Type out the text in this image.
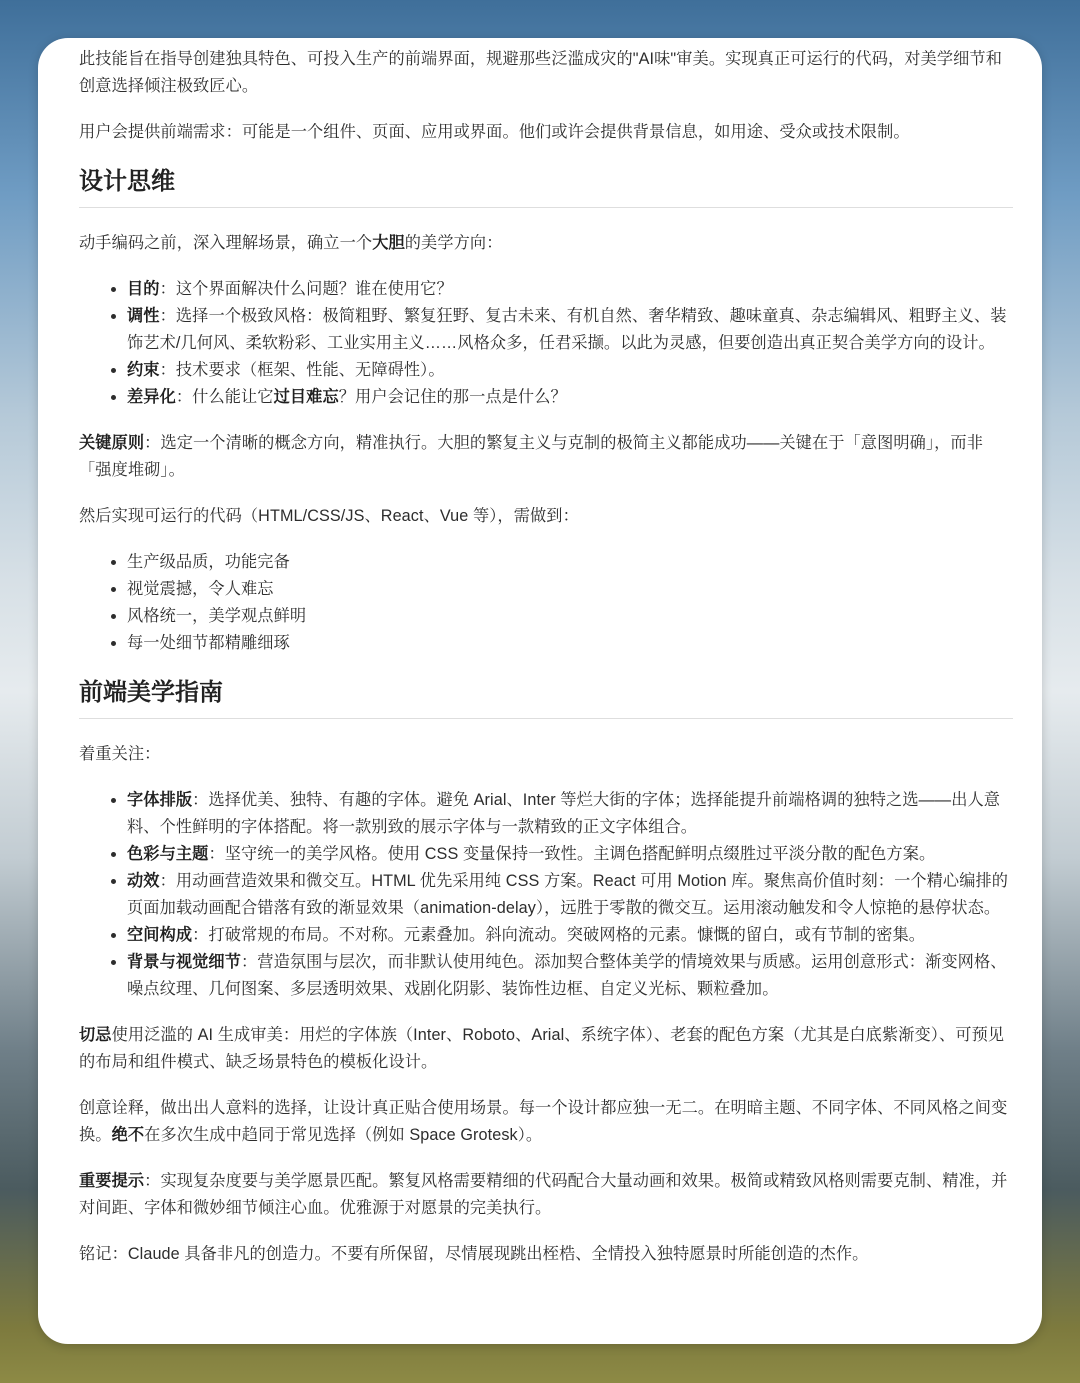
此技能旨在指导创建独具特色、可投入生产的前端界面，规避那些泛滥成灾的"AI味"审美。实现真正可运行的代码，对美学细节和创意选择倾注极致匠心。

用户会提供前端需求：可能是一个组件、页面、应用或界面。他们或许会提供背景信息，如用途、受众或技术限制。

设计思维

动手编码之前，深入理解场景，确立一个大胆的美学方向：

• 目的：这个界面解决什么问题？谁在使用它？
• 调性：选择一个极致风格：极简粗野、繁复狂野、复古未来、有机自然、奢华精致、趣味童真、杂志编辑风、粗野主义、装饰艺术/几何风、柔软粉彩、工业实用主义……风格众多，任君采撷。以此为灵感，但要创造出真正契合美学方向的设计。
• 约束：技术要求（框架、性能、无障碍性）。
• 差异化：什么能让它过目难忘？用户会记住的那一点是什么？

关键原则：选定一个清晰的概念方向，精准执行。大胆的繁复主义与克制的极简主义都能成功——关键在于「意图明确」，而非「强度堆砌」。

然后实现可运行的代码（HTML/CSS/JS、React、Vue 等），需做到：

• 生产级品质，功能完备
• 视觉震撼，令人难忘
• 风格统一，美学观点鲜明
• 每一处细节都精雕细琢
前端美学指南

着重关注：

• 字体排版：选择优美、独特、有趣的字体。避免 Arial、Inter 等烂大街的字体；选择能提升前端格调的独特之选——出人意料、个性鲜明的字体搭配。将一款别致的展示字体与一款精致的正文字体组合。
• 色彩与主题：坚守统一的美学风格。使用 CSS 变量保持一致性。主调色搭配鲜明点缀胜过平淡分散的配色方案。
• 动效：用动画营造效果和微交互。HTML 优先采用纯 CSS 方案。React 可用 Motion 库。聚焦高价值时刻：一个精心编排的页面加载动画配合错落有致的渐显效果（animation-delay），远胜于零散的微交互。运用滚动触发和令人惊艳的悬停状态。
• 空间构成：打破常规的布局。不对称。元素叠加。斜向流动。突破网格的元素。慷慨的留白，或有节制的密集。
• 背景与视觉细节：营造氛围与层次，而非默认使用纯色。添加契合整体美学的情境效果与质感。运用创意形式：渐变网格、噪点纹理、几何图案、多层透明效果、戏剧化阴影、装饰性边框、自定义光标、颗粒叠加。

切忌使用泛滥的 AI 生成审美：用烂的字体族（Inter、Roboto、Arial、系统字体）、老套的配色方案（尤其是白底紫渐变）、可预见的布局和组件模式、缺乏场景特色的模板化设计。

创意诠释，做出出人意料的选择，让设计真正贴合使用场景。每一个设计都应独一无二。在明暗主题、不同字体、不同风格之间变换。绝不在多次生成中趋同于常见选择（例如 Space Grotesk）。

重要提示：实现复杂度要与美学愿景匹配。繁复风格需要精细的代码配合大量动画和效果。极简或精致风格则需要克制、精准，并对间距、字体和微妙细节倾注心血。优雅源于对愿景的完美执行。

铭记：Claude 具备非凡的创造力。不要有所保留，尽情展现跳出桎梏、全情投入独特愿景时所能创造的杰作。
